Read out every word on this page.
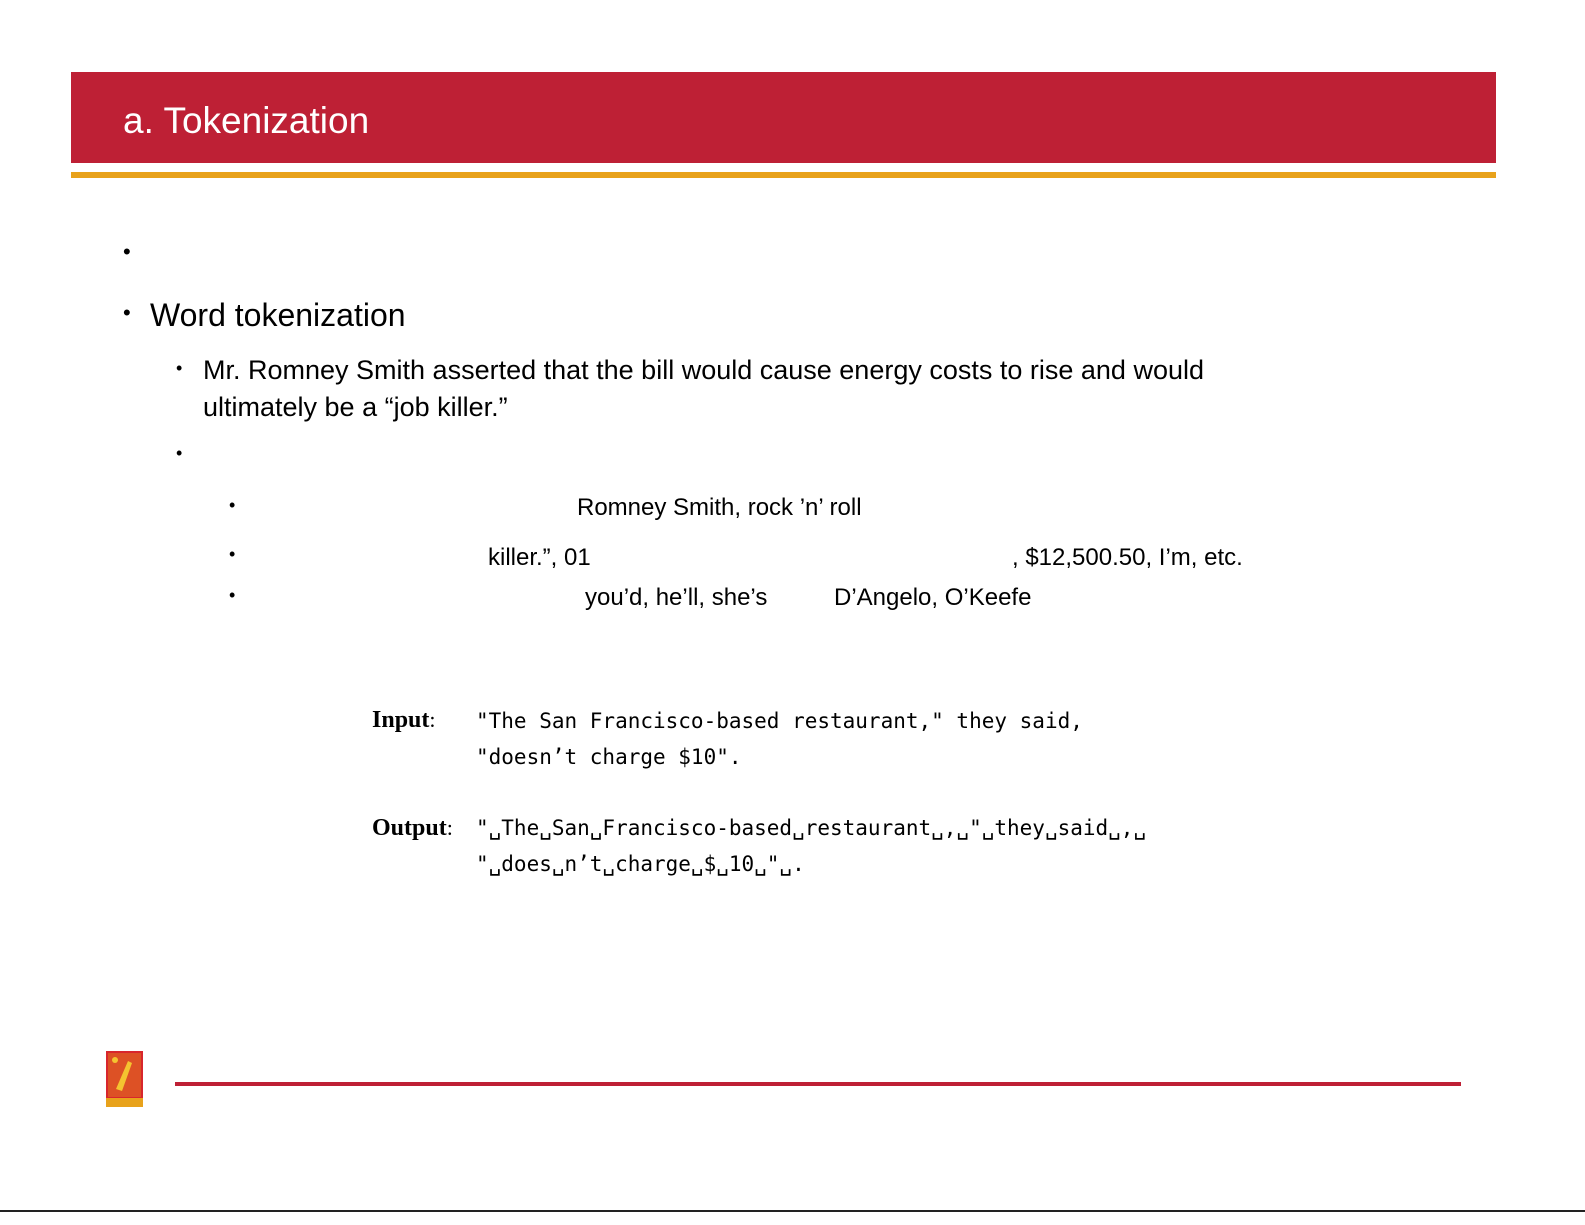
a. Tokenization
•
• Word tokenization
• Mr. Romney Smith asserted that the bill would cause energy costs to rise and would
ultimately be a “job killer.”
•
•	Romney Smith, rock ’n’ roll
•	killer.”, 01	, $12,500.50, I’m, etc.
•	you’d, he’ll, she’s	D’Angelo, O’Keefe
Input: "The San Francisco-based restaurant," they said,
"doesn’t charge $10".
Output: "␣The␣San␣Francisco-based␣restaurant␣,␣"␣they␣said␣,␣
"␣does␣n’t␣charge␣$␣10␣"␣.
